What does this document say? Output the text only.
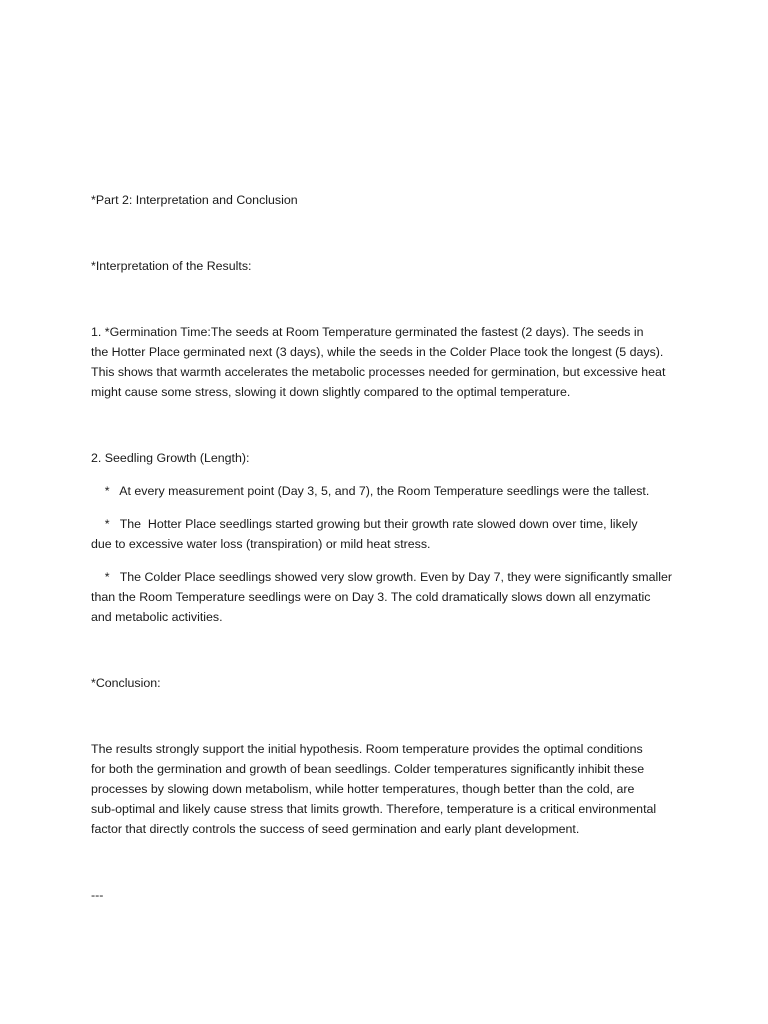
*Part 2: Interpretation and Conclusion

*Interpretation of the Results:

1. *Germination Time:The seeds at Room Temperature germinated the fastest (2 days). The seeds in

the Hotter Place germinated next (3 days), while the seeds in the Colder Place took the longest (5 days).

This shows that warmth accelerates the metabolic processes needed for germination, but excessive heat

might cause some stress, slowing it down slightly compared to the optimal temperature.

2. Seedling Growth (Length):

*   At every measurement point (Day 3, 5, and 7), the Room Temperature seedlings were the tallest.

*   The  Hotter Place seedlings started growing but their growth rate slowed down over time, likely

due to excessive water loss (transpiration) or mild heat stress.

*   The Colder Place seedlings showed very slow growth. Even by Day 7, they were significantly smaller

than the Room Temperature seedlings were on Day 3. The cold dramatically slows down all enzymatic

and metabolic activities.

*Conclusion:

The results strongly support the initial hypothesis. Room temperature provides the optimal conditions

for both the germination and growth of bean seedlings. Colder temperatures significantly inhibit these

processes by slowing down metabolism, while hotter temperatures, though better than the cold, are

sub-optimal and likely cause stress that limits growth. Therefore, temperature is a critical environmental

factor that directly controls the success of seed germination and early plant development.

---
